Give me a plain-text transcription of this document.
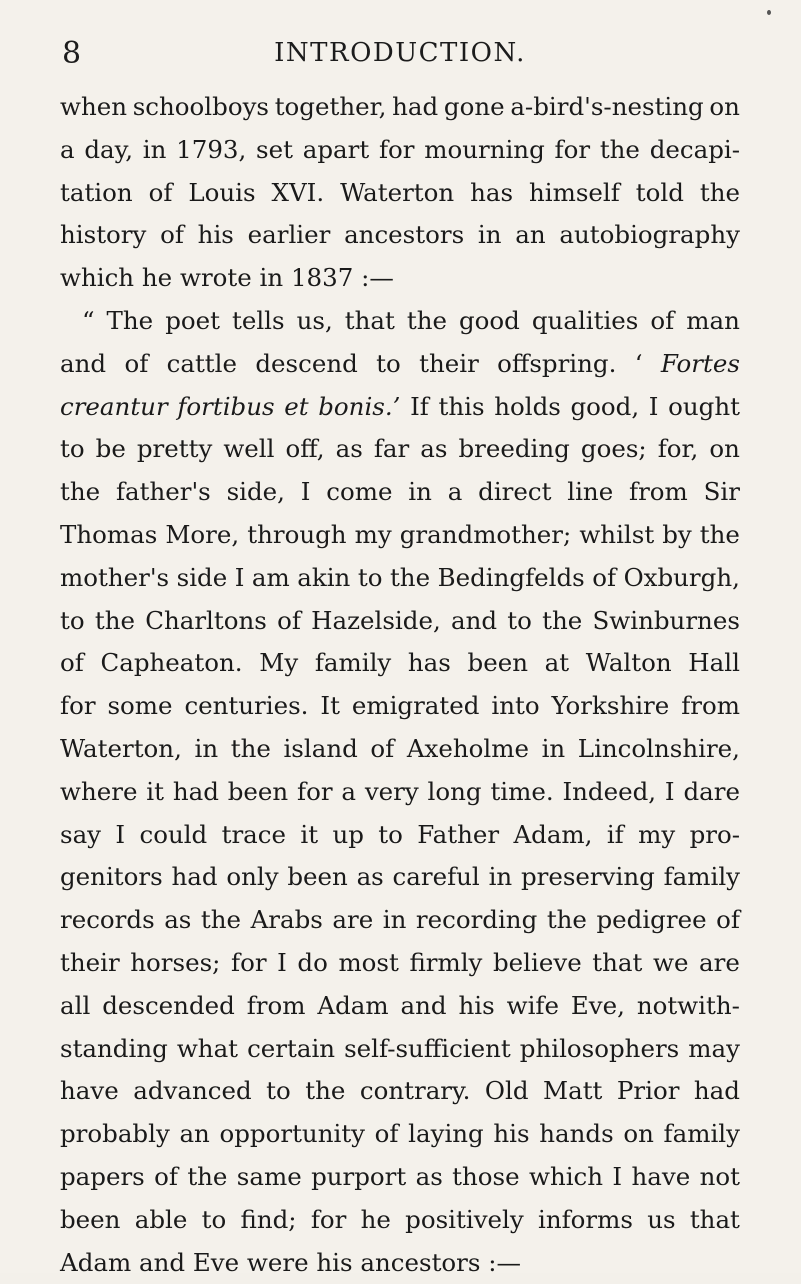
8	INTRODUCTION.
when schoolboys together, had gone a-bird's-nesting on
a day, in 1793, set apart for mourning for the decapi-
tation of Louis XVI. Waterton has himself told the
history of his earlier ancestors in an autobiography
which
he
wrote
in
1837
:—
“ The poet tells us, that the good qualities of man
and of cattle descend to their offspring. ‘ Fortes
creantur fortibus et bonis.’ If this holds good, I ought
to be pretty well off, as far as breeding goes; for, on
the father's side, I come in a direct line from Sir
Thomas More, through my grandmother; whilst by the
mother's side I am akin to the Bedingfelds of Oxburgh,
to the Charltons of Hazelside, and to the Swinburnes
of Capheaton. My family has been at Walton Hall
for some centuries. It emigrated into Yorkshire from
Waterton, in the island of Axeholme in Lincolnshire,
where it had been for a very long time. Indeed, I dare
say I could trace it up to Father Adam, if my pro-
genitors had only been as careful in preserving family
records as the Arabs are in recording the pedigree of
their horses; for I do most firmly believe that we are
all descended from Adam and his wife Eve, notwith-
standing what certain self-sufficient philosophers may
have advanced to the contrary. Old Matt Prior had
probably an opportunity of laying his hands on family
papers of the same purport as those which I have not
been able to find; for he positively informs us that
Adam
and
Eve
were
his
ancestors
:—
